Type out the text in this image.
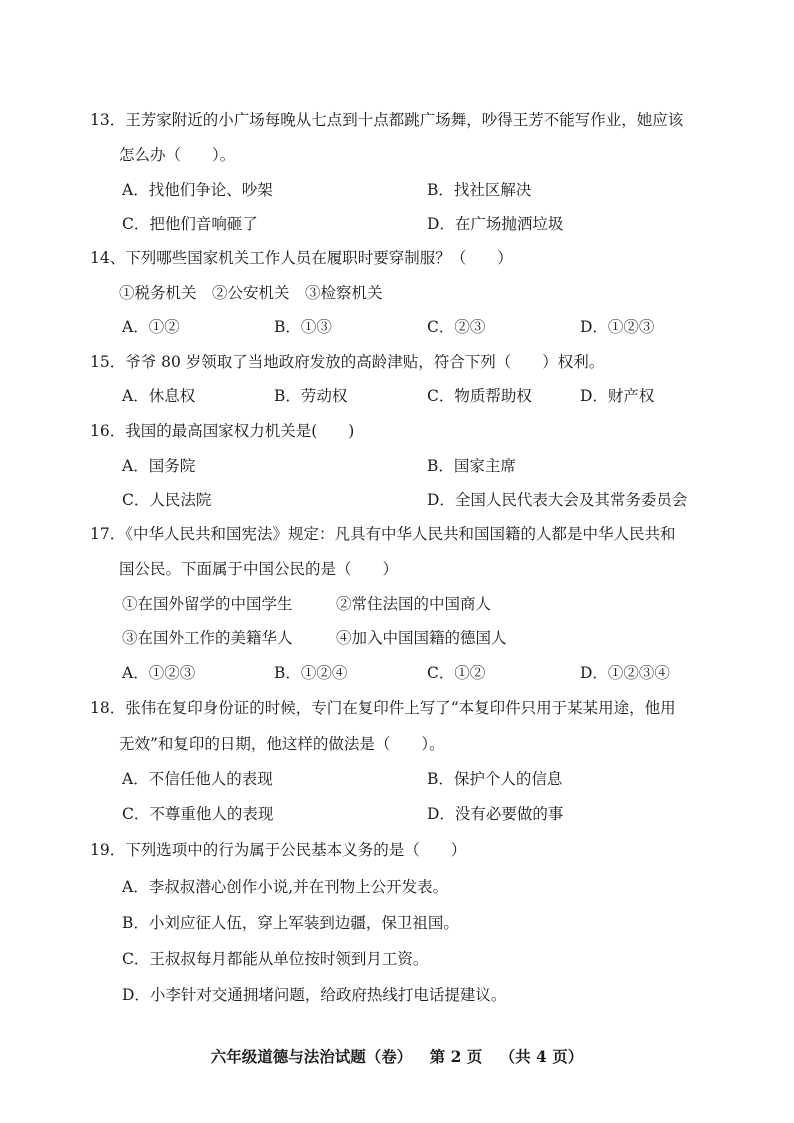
13．王芳家附近的小广场每晚从七点到十点都跳广场舞，吵得王芳不能写作业，她应该
怎么办（　　）。
A．找他们争论、吵架	B．找社区解决
C．把他们音响砸了	D．在广场抛洒垃圾
14、下列哪些国家机关工作人员在履职时要穿制服？（　　）
①税务机关　②公安机关　③检察机关
A．①②	B．①③	C．②③	D．①②③
15．爷爷 80 岁领取了当地政府发放的高龄津贴，符合下列（　　）权利。
A．休息权	B．劳动权	C．物质帮助权	D．财产权
16．我国的最高国家权力机关是(　　)
A．国务院	B．国家主席
C．人民法院	D．全国人民代表大会及其常务委员会
17．《中华人民共和国宪法》规定：凡具有中华人民共和国国籍的人都是中华人民共和
国公民。下面属于中国公民的是（　　）
①在国外留学的中国学生	②常住法国的中国商人
③在国外工作的美籍华人	④加入中国国籍的德国人
A．①②③	B．①②④	C．①②	D．①②③④
18．张伟在复印身份证的时候，专门在复印件上写了“本复印件只用于某某用途，他用
无效”和复印的日期，他这样的做法是（　　）。
A．不信任他人的表现	B．保护个人的信息
C．不尊重他人的表现	D．没有必要做的事
19．下列选项中的行为属于公民基本义务的是（　　）
A．李叔叔潜心创作小说,并在刊物上公开发表。
B．小刘应征人伍，穿上军装到边疆，保卫祖国。
C．王叔叔每月都能从单位按时领到月工资。
D．小李针对交通拥堵问题，给政府热线打电话提建议。
六年级道德与法治试题（卷） 第 2 页 （共 4 页）
